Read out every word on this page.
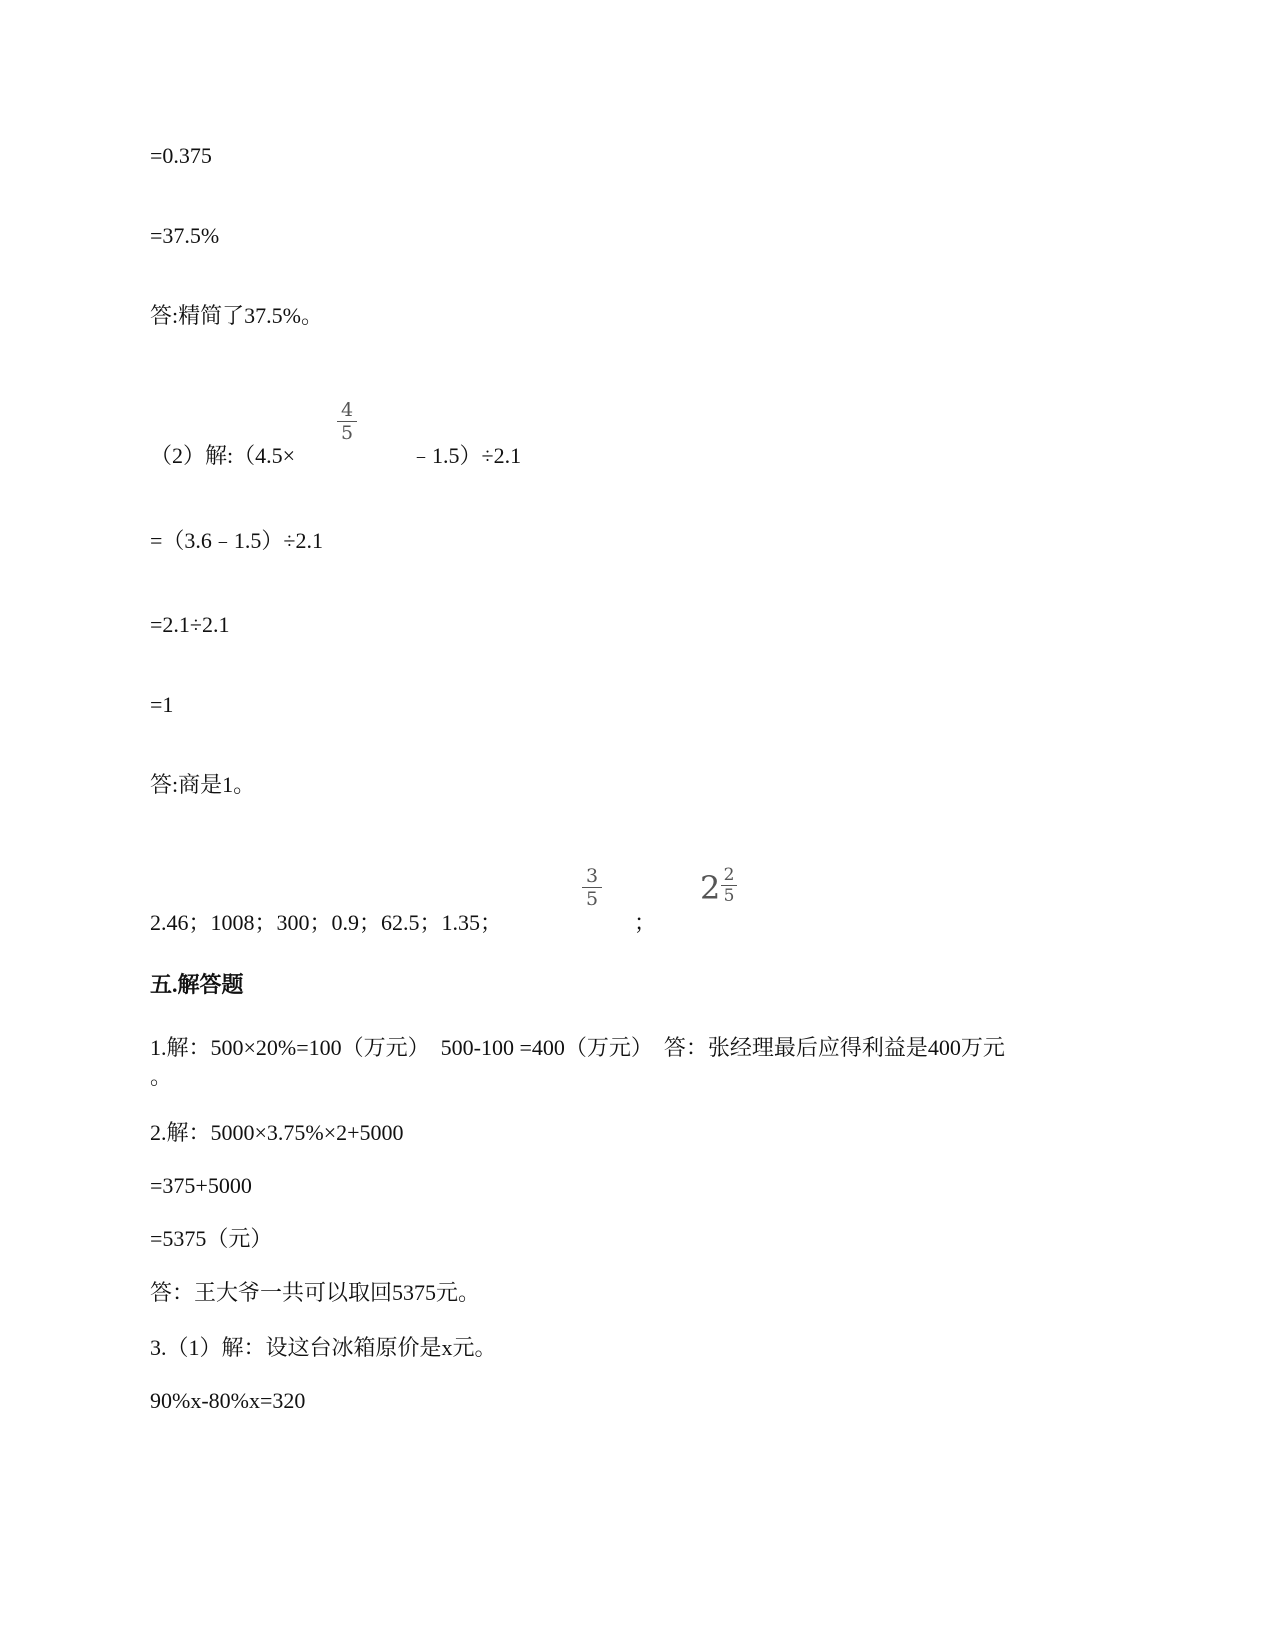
=0.375
=37.5%
答:精简了37.5%。
（2）解:（4.5×
4
5
﹣1.5）÷2.1
=（3.6﹣1.5）÷2.1
=2.1÷2.1
=1
答:商是1。
2.46；1008；300；0.9；62.5；1.35；
3
5
；
2 2
5
五.解答题
1.解：500×20%=100（万元）  500-100 =400（万元）  答：张经理最后应得利益是400万元
。
2.解：5000×3.75%×2+5000
=375+5000
=5375（元）
答：王大爷一共可以取回5375元。
3.（1）解：设这台冰箱原价是x元。
90%x-80%x=320
